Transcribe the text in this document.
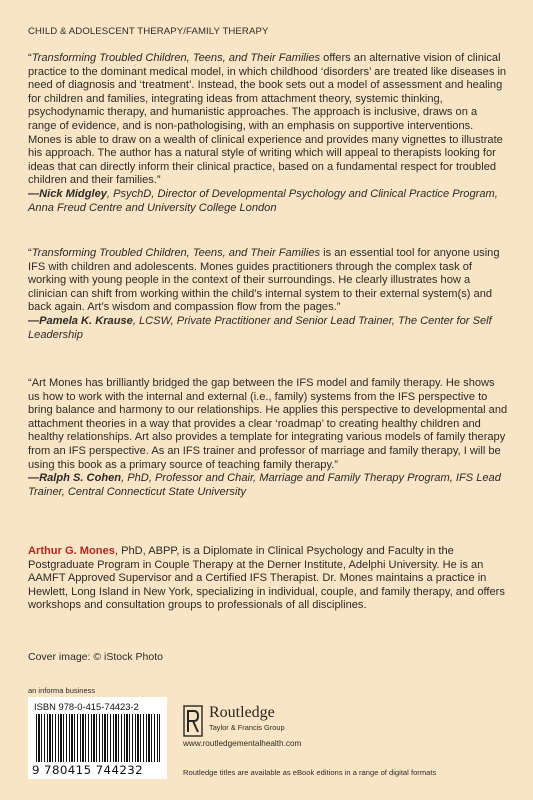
CHILD & ADOLESCENT THERAPY/FAMILY THERAPY

“Transforming Troubled Children, Teens, and Their Families offers an alternative vision of clinical practice to the dominant medical model, in which childhood ‘disorders’ are treated like diseases in need of diagnosis and ‘treatment’. Instead, the book sets out a model of assessment and healing for children and families, integrating ideas from attachment theory, systemic thinking, psychodynamic therapy, and humanistic approaches. The approach is inclusive, draws on a range of evidence, and is non-pathologising, with an emphasis on supportive interventions. Mones is able to draw on a wealth of clinical experience and provides many vignettes to illustrate his approach. The author has a natural style of writing which will appeal to therapists looking for ideas that can directly inform their clinical practice, based on a fundamental respect for troubled children and their families.”

—Nick Midgley, PsychD, Director of Developmental Psychology and Clinical Practice Program, Anna Freud Centre and University College London

“Transforming Troubled Children, Teens, and Their Families is an essential tool for anyone using IFS with children and adolescents. Mones guides practitioners through the complex task of working with young people in the context of their surroundings. He clearly illustrates how a clinician can shift from working within the child’s internal system to their external system(s) and back again. Art’s wisdom and compassion flow from the pages.”

—Pamela K. Krause, LCSW, Private Practitioner and Senior Lead Trainer, The Center for Self Leadership

“Art Mones has brilliantly bridged the gap between the IFS model and family therapy. He shows us how to work with the internal and external (i.e., family) systems from the IFS perspective to bring balance and harmony to our relationships. He applies this perspective to developmental and attachment theories in a way that provides a clear ‘roadmap’ to creating healthy children and healthy relationships. Art also provides a template for integrating various models of family therapy from an IFS perspective. As an IFS trainer and professor of marriage and family therapy, I will be using this book as a primary source of teaching family therapy.”

—Ralph S. Cohen, PhD, Professor and Chair, Marriage and Family Therapy Program, IFS Lead Trainer, Central Connecticut State University

Arthur G. Mones, PhD, ABPP, is a Diplomate in Clinical Psychology and Faculty in the Postgraduate Program in Couple Therapy at the Derner Institute, Adelphi University. He is an AAMFT Approved Supervisor and a Certified IFS Therapist. Dr. Mones maintains a practice in Hewlett, Long Island in New York, specializing in individual, couple, and family therapy, and offers workshops and consultation groups to professionals of all disciplines.
Cover image: © iStock Photo
an informa business
ISBN 978-0-415-74423-2
9 780415 744232
Routledge
Taylor & Francis Group
www.routledgementalhealth.com
Routledge titles are available as eBook editions in a range of digital formats
